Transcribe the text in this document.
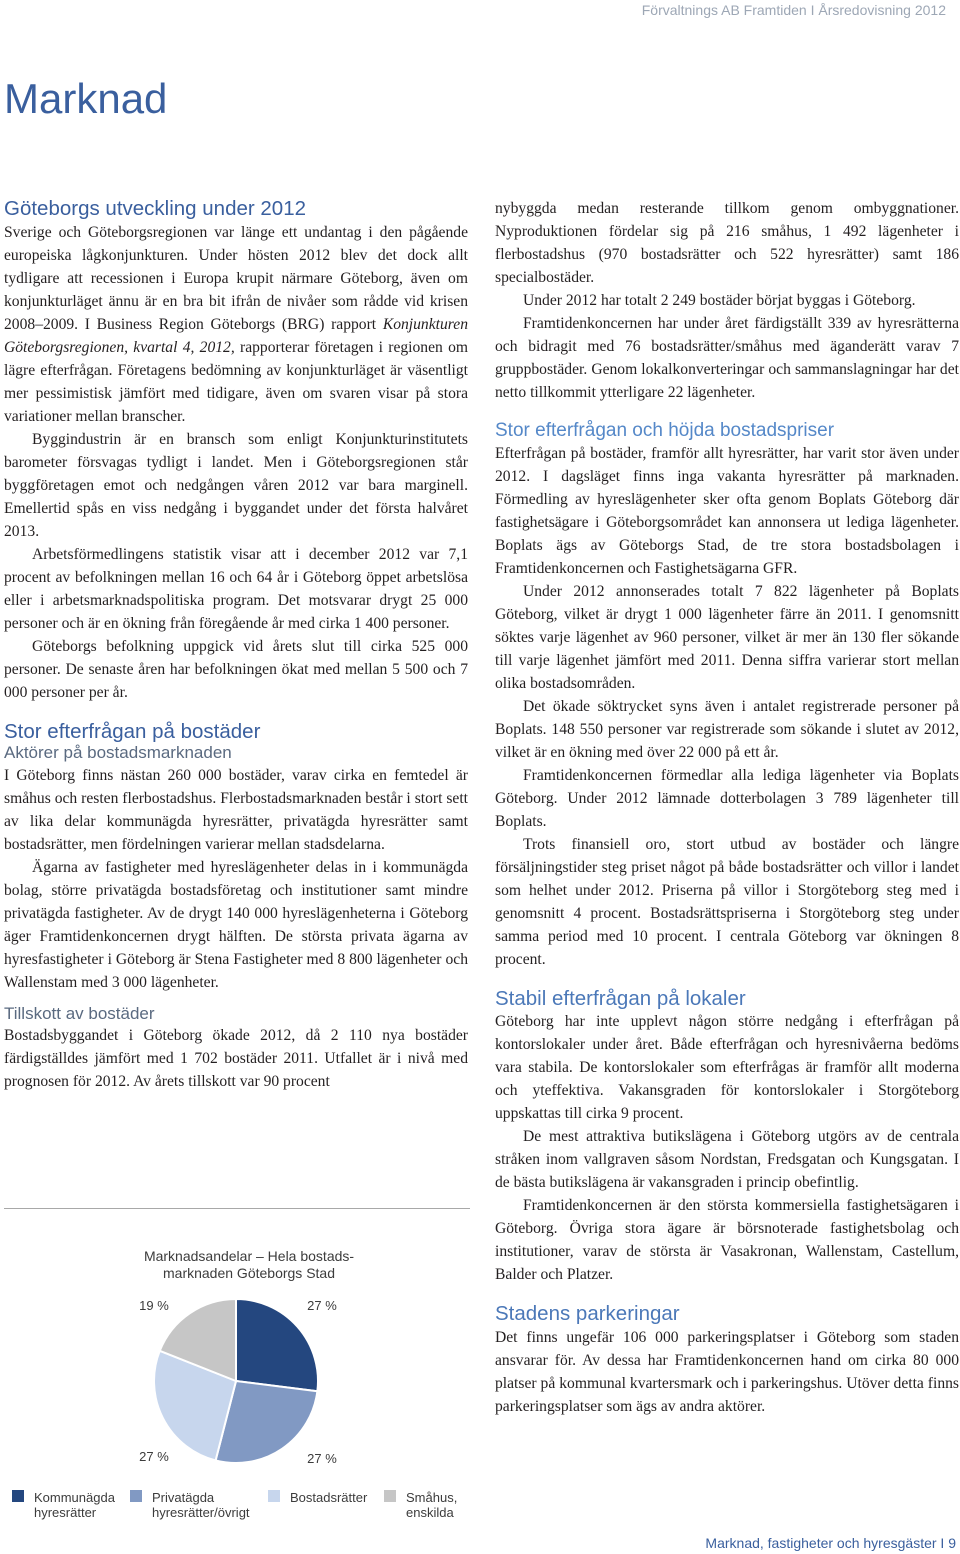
Förvaltnings AB Framtiden I Årsredovisning 2012
Marknad
Göteborgs utveckling under 2012

Sverige och Göteborgsregionen var länge ett undantag i den pågående europeiska lågkonjunkturen. Under hösten 2012 blev det dock allt tydligare att recessionen i Europa krupit närmare Göteborg, även om konjunkturläget ännu är en bra bit ifrån de nivåer som rådde vid krisen 2008–2009. I Business Region Göteborgs (BRG) rapport Konjunkturen Göteborgsregionen, kvartal 4, 2012, rapporterar företagen i regionen om lägre efterfrågan. Företagens bedömning av konjunkturläget är väsentligt mer pessimistisk jämfört med tidigare, även om svaren visar på stora variationer mellan branscher.

Byggindustrin är en bransch som enligt Konjunkturinstitutets barometer försvagas tydligt i landet. Men i Göteborgsregionen står byggföretagen emot och nedgången våren 2012 var bara marginell. Emellertid spås en viss nedgång i byggandet under det första halvåret 2013.

Arbetsförmedlingens statistik visar att i december 2012 var 7,1 procent av befolkningen mellan 16 och 64 år i Göteborg öppet arbetslösa eller i arbetsmarknadspolitiska program. Det motsvarar drygt 25 000 personer och är en ökning från föregående år med cirka 1 400 personer.

Göteborgs befolkning uppgick vid årets slut till cirka 525 000 personer. De senaste åren har befolkningen ökat med mellan 5 500 och 7 000 personer per år.

Stor efterfrågan på bostäder
Aktörer på bostadsmarknaden

I Göteborg finns nästan 260 000 bostäder, varav cirka en femtedel är småhus och resten flerbostadshus. Flerbostadsmarknaden består i stort sett av lika delar kommunägda hyresrätter, privatägda hyresrätter samt bostadsrätter, men fördelningen varierar mellan stadsdelarna.

Ägarna av fastigheter med hyreslägenheter delas in i kommunägda bolag, större privatägda bostadsföretag och institutioner samt mindre privatägda fastigheter. Av de drygt 140 000 hyreslägenheterna i Göteborg äger Framtidenkoncernen drygt hälften. De största privata ägarna av hyresfastigheter i Göteborg är Stena Fastigheter med 8 800 lägenheter och Wallenstam med 3 000 lägenheter.

Tillskott av bostäder

Bostadsbyggandet i Göteborg ökade 2012, då 2 110 nya bostäder färdigställdes jämfört med 1 702 bostäder 2011. Utfallet är i nivå med prognosen för 2012. Av årets tillskott var 90 procent

nybyggda medan resterande tillkom genom ombyggnationer. Nyproduktionen fördelar sig på 216 småhus, 1 492 lägenheter i flerbostadshus (970 bostadsrätter och 522 hyresrätter) samt 186 specialbostäder.

Under 2012 har totalt 2 249 bostäder börjat byggas i Göteborg.

Framtidenkoncernen har under året färdigställt 339 av hyresrätterna och bidragit med 76 bostadsrätter/småhus med äganderätt varav 7 gruppbostäder. Genom lokalkonverteringar och sammanslagningar har det netto tillkommit ytterligare 22 lägenheter.

Stor efterfrågan och höjda bostadspriser

Efterfrågan på bostäder, framför allt hyresrätter, har varit stor även under 2012. I dagsläget finns inga vakanta hyresrätter på marknaden. Förmedling av hyreslägenheter sker ofta genom Boplats Göteborg där fastighetsägare i Göteborgsområdet kan annonsera ut lediga lägenheter. Boplats ägs av Göteborgs Stad, de tre stora bostadsbolagen i Framtidenkoncernen och Fastighetsägarna GFR.

Under 2012 annonserades totalt 7 822 lägenheter på Boplats Göteborg, vilket är drygt 1 000 lägenheter färre än 2011. I genomsnitt söktes varje lägenhet av 960 personer, vilket är mer än 130 fler sökande till varje lägenhet jämfört med 2011. Denna siffra varierar stort mellan olika bostadsområden.

Det ökade söktrycket syns även i antalet registrerade personer på Boplats. 148 550 personer var registrerade som sökande i slutet av 2012, vilket är en ökning med över 22 000 på ett år.

Framtidenkoncernen förmedlar alla lediga lägenheter via Boplats Göteborg. Under 2012 lämnade dotterbolagen 3 789 lägenheter till Boplats.

Trots finansiell oro, stort utbud av bostäder och längre försäljningstider steg priset något på både bostadsrätter och villor i landet som helhet under 2012. Priserna på villor i Storgöteborg steg med i genomsnitt 4 procent. Bostadsrättspriserna i Storgöteborg steg under samma period med 10 procent. I centrala Göteborg var ökningen 8 procent.

Stabil efterfrågan på lokaler

Göteborg har inte upplevt någon större nedgång i efterfrågan på kontorslokaler under året. Både efterfrågan och hyresnivåerna bedöms vara stabila. De kontorslokaler som efterfrågas är framför allt moderna och yteffektiva. Vakansgraden för kontorslokaler i Storgöteborg uppskattas till cirka 9 procent.

De mest attraktiva butikslägena i Göteborg utgörs av de centrala stråken inom vallgraven såsom Nordstan, Fredsgatan och Kungsgatan. I de bästa butikslägena är vakansgraden i princip obefintlig.

Framtidenkoncernen är den största kommersiella fastighetsägaren i Göteborg. Övriga stora ägare är börsnoterade fastighetsbolag och institutioner, varav de största är Vasakronan, Wallenstam, Castellum, Balder och Platzer.

Stadens parkeringar

Det finns ungefär 106 000 parkeringsplatser i Göteborg som staden ansvarar för. Av dessa har Framtidenkoncernen hand om cirka 80 000 platser på kommunal kvartersmark och i parkeringshus. Utöver detta finns parkeringsplatser som ägs av andra aktörer.

Marknadsandelar – Hela bostads-
marknaden Göteborgs Stad
27 %
27 %
27 %
19 %
Kommunägda
hyresrätter
Privatägda
hyresrätter/övrigt
Bostadsrätter	Småhus,
enskilda
Marknad, fastigheter och hyresgäster I 9
